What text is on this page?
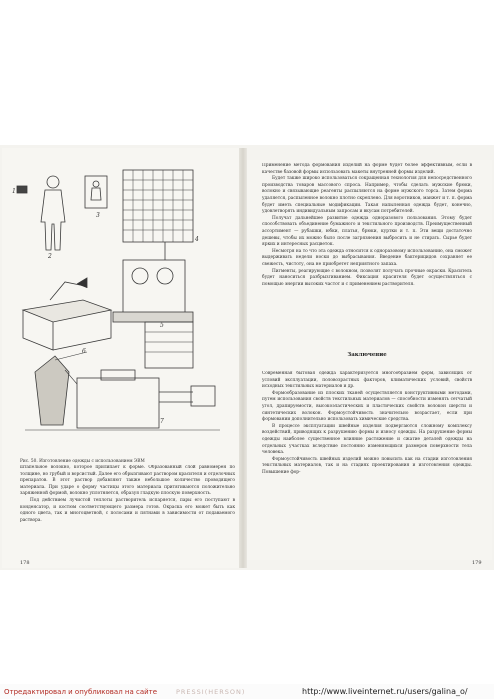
1
2
3
4
5
6
7
Рис. 50. Изготовление одежды с использованием ЭВМ

штапельное волокно, которое прилипает к форме. Образованный слой равномерен по толщине, но грубый и ворсистый. Далее его обрызгивают раствором красителя и отделочных препаратов. В этот раствор добавляют также небольшое количество проводящего материала. При ударе о форму частицы этого материала притягиваются положительно заряженной формой, волокно уплотняется, образуя гладкую плоскую поверхность.

Под действием лучистой теплоты растворитель испаряется, пары его поступают в конденсатор, и костюм соответствующего размера готов. Окраска его может быть как одного цвета, так и многоцветной, с полосами и пятнами в зависимости от подаваемого раствора.

178

Применение метода формования изделий на форме будет более эффективным, если в качестве базовой формы использовать макеты внутренней формы изделий.

Будет также широко использоваться сокращенная технология для непосредственного производства товаров массового спроса. Например, чтобы сделать мужские брюки, волокно и связывающие реагенты распыляются на форме мужского торса. Затем форма удаляется, распыленное волокно плотно скреплено. Для воротников, манжет и т. п. форма будет иметь специальные модификации. Такая напыленная одежда будет, конечно, удовлетворять индивидуальным запросам и вкусам потребителей.

Получат дальнейшее развитие одежда одноразового пользования. Этому будет способствовать объединение бумажного и текстильного производств. Преимущественный ассортимент — рубашки, юбки, платья, брюки, куртки и т. п. Эти вещи достаточно дешевы, чтобы их можно было после загрязнения выбросить и не стирать. Сырье будет ярких и интересных расцветок.

Несмотря на то что эта одежда относится к одноразовому использованию, она сможет выдерживать недели носки до выбрасывания. Введение бактерицидов сохраняет ее свежесть, чистоту, она не приобретет неприятного запаха.

Пигменты, реагирующие с волокном, позволят получать прочные окраски. Краситель будет наноситься разбрызгиванием. Фиксация красителя будет осуществляться с помощью энергии высоких частот и с применением растворителя.

Заключение

Современная бытовая одежда характеризуется многообразием форм, зависящих от условий эксплуатации, половозрастных факторов, климатических условий, свойств исходных текстильных материалов и др.

Формообразование из плоских тканей осуществляется конструктивными методами, путем использования свойств текстильных материалов — способности изменять сетчатый угол, драпируемости, высокоэластических и пластических свойств волокон шерсти и синтетических волокон. Формоустойчивость значительно возрастает, если при формовании дополнительно использовать химические средства.

В процессе эксплуатации швейные изделия подвергаются сложному комплексу воздействий, приводящих к разрушению формы и износу одежды. На разрушение формы одежды наиболее существенное влияние растяжение и сжатие деталей одежды на отдельных участках вследствие постоянно изменяющихся размеров поверхности тела человека.

Формоустойчивость швейных изделий можно повысить как на стадии изготовления текстильных материалов, так и на стадиях проектирования и изготовления одежды. Повышение фор-

179
Отредактировал и опубликовал на сайте	PRESSI(HERSON)	http://www.liveinternet.ru/users/galina_o/
